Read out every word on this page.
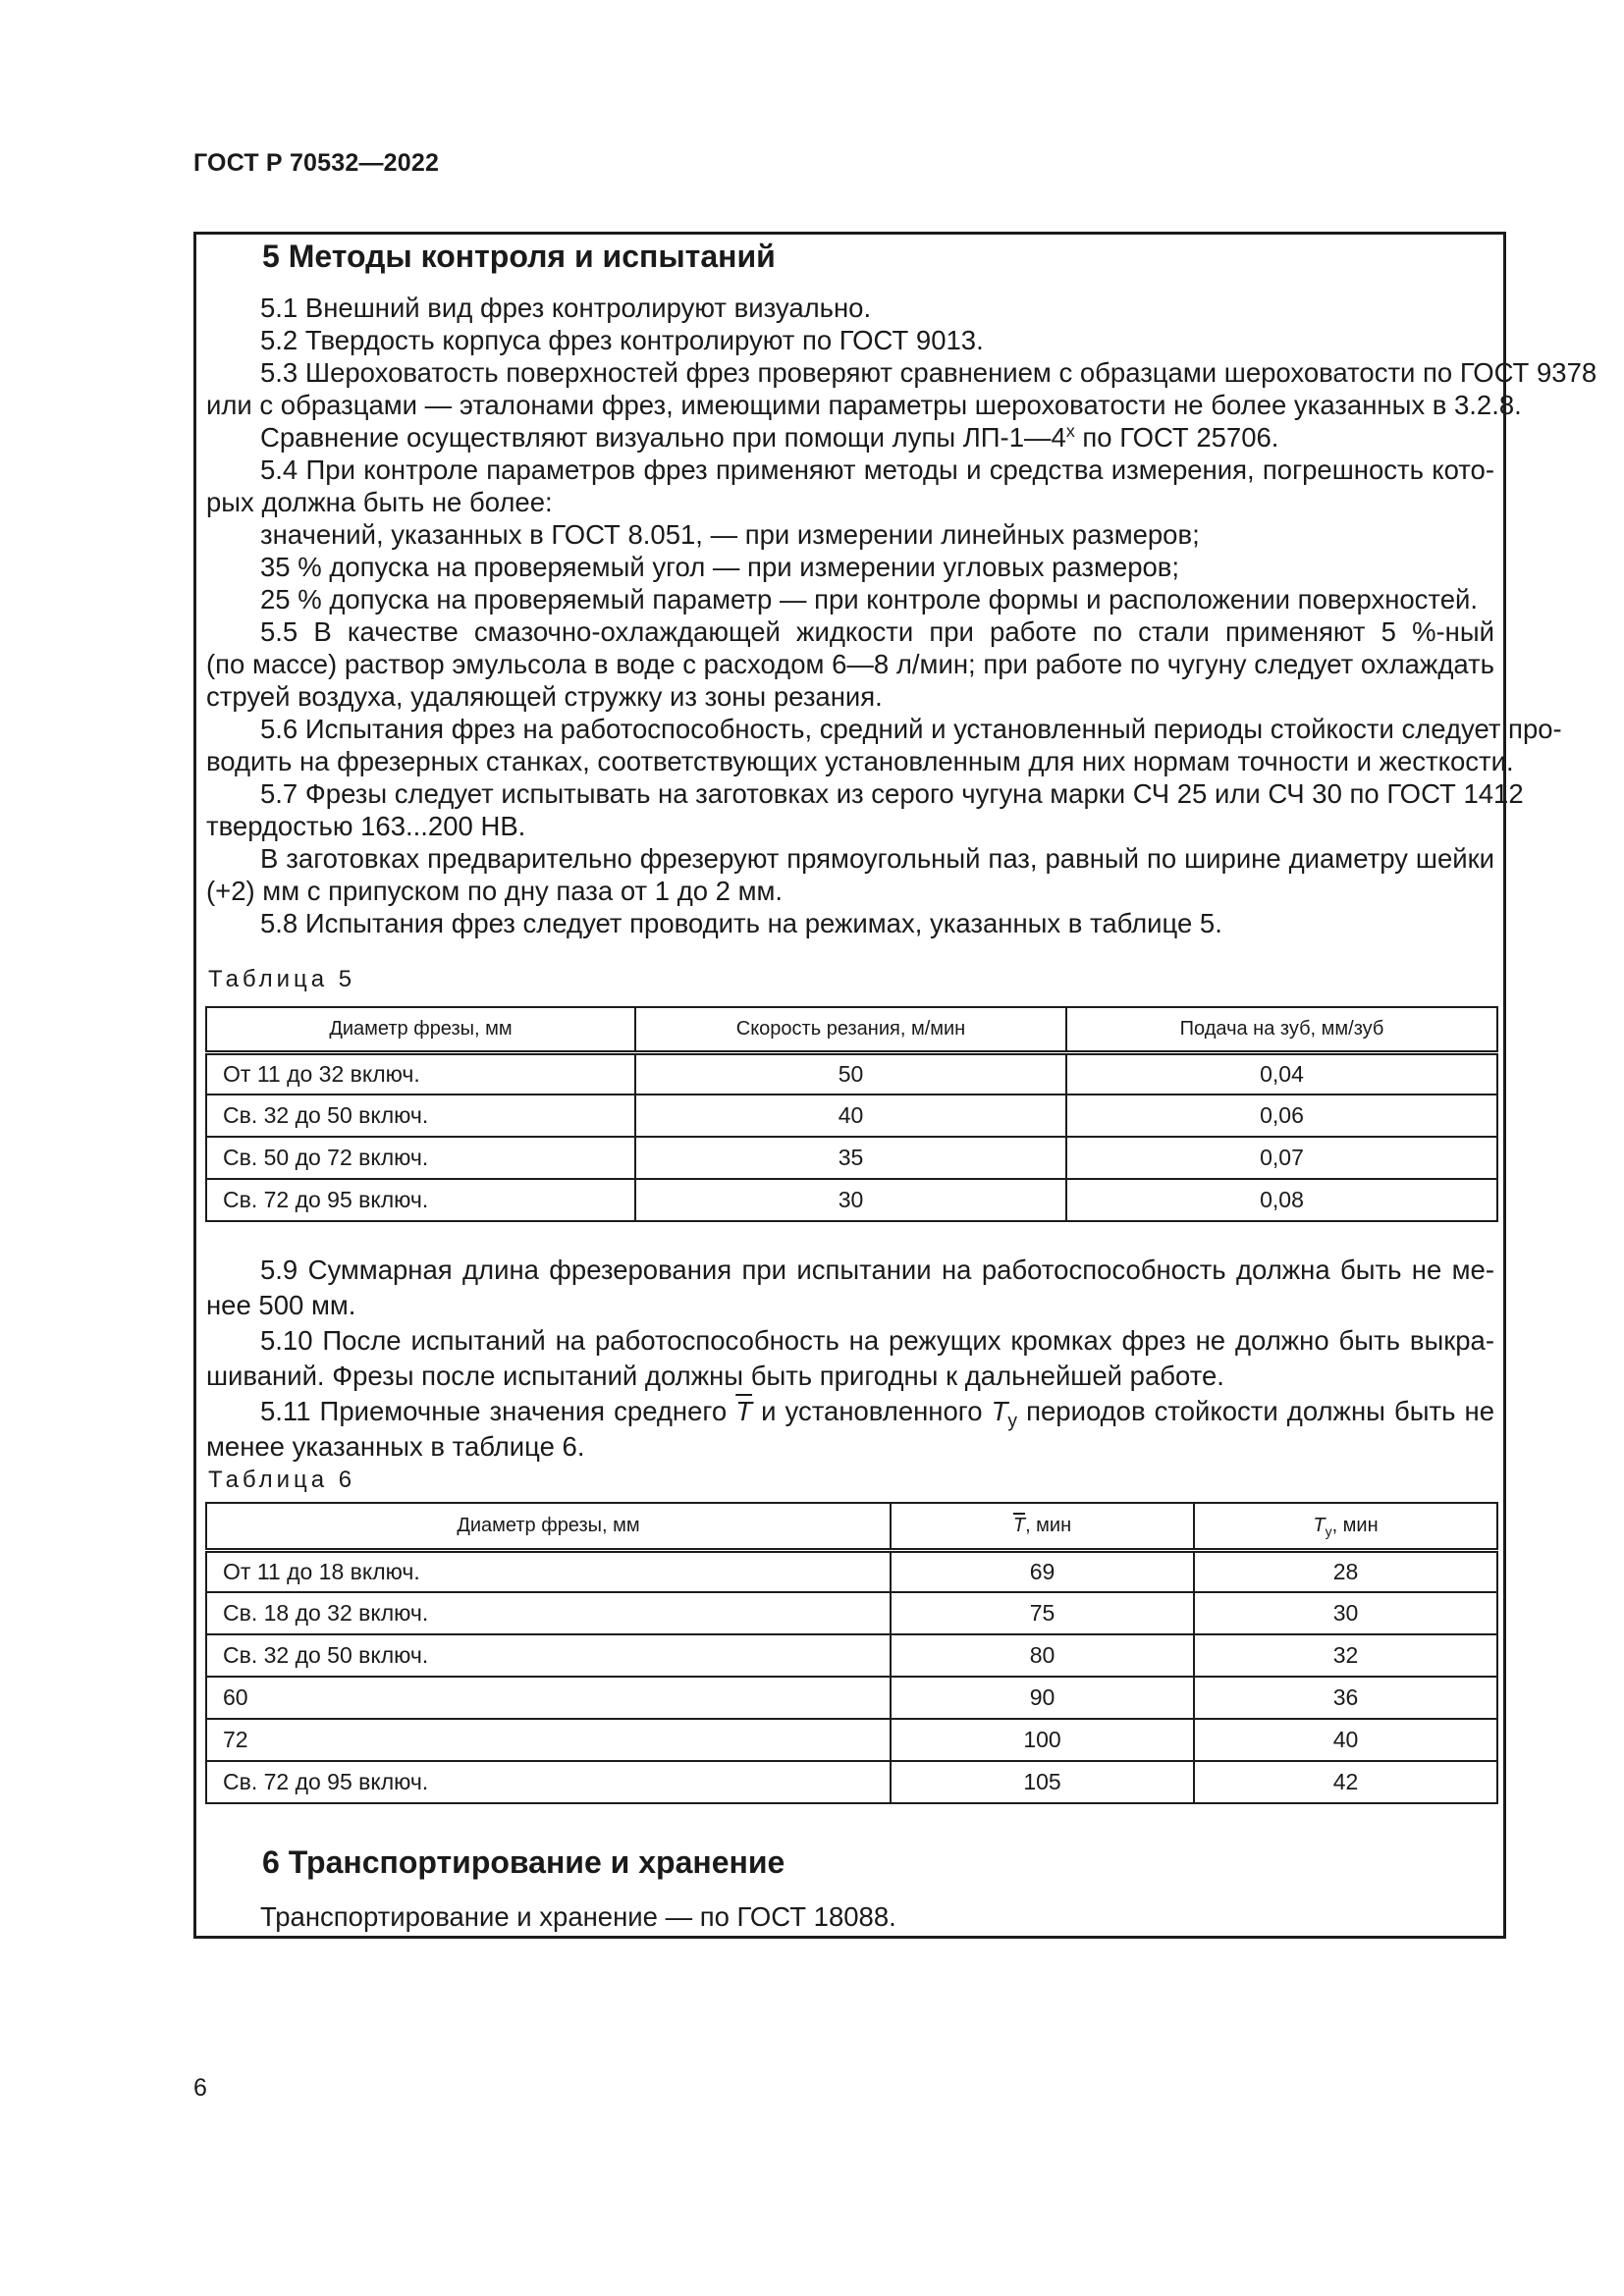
ГОСТ Р 70532—2022
5 Методы контроля и испытаний
5.1 Внешний вид фрез контролируют визуально.
5.2 Твердость корпуса фрез контролируют по ГОСТ 9013.
5.3 Шероховатость поверхностей фрез проверяют сравнением с образцами шероховатости по ГОСТ 9378
или с образцами — эталонами фрез, имеющими параметры шероховатости не более указанных в 3.2.8.
Сравнение осуществляют визуально при помощи лупы $ЛП-1—4^х$ по ГОСТ 25706.
5.4 При контроле параметров фрез применяют методы и средства измерения, погрешность кото-
рых должна быть не более:
значений, указанных в ГОСТ 8.051, — при измерении линейных размеров;
35 % допуска на проверяемый угол — при измерении угловых размеров;
25 % допуска на проверяемый параметр — при контроле формы и расположении поверхностей.
5.5 В качестве смазочно-охлаждающей жидкости при работе по стали применяют 5 %-ный
(по массе) раствор эмульсола в воде с расходом 6—8 л/мин; при работе по чугуну следует охлаждать
струей воздуха, удаляющей стружку из зоны резания.
5.6 Испытания фрез на работоспособность, средний и установленный периоды стойкости следует про-
водить на фрезерных станках, соответствующих установленным для них нормам точности и жесткости.
5.7 Фрезы следует испытывать на заготовках из серого чугуна марки СЧ 25 или СЧ 30 по ГОСТ 1412
твердостью 163...200 НВ.
В заготовках предварительно фрезеруют прямоугольный паз, равный по ширине диаметру шейки
(+2) мм с припуском по дну паза от 1 до 2 мм.
5.8 Испытания фрез следует проводить на режимах, указанных в таблице 5.
Таблица 5
Диаметр фрезы, мм	Скорость резания, м/мин	Подача на зуб, мм/зуб
От 11 до 32 включ.	50	0,04
Св. 32 до 50 включ.	40	0,06
Св. 50 до 72 включ.	35	0,07
Св. 72 до 95 включ.	30	0,08
5.9 Суммарная длина фрезерования при испытании на работоспособность должна быть не ме-
нее 500 мм.
5.10 После испытаний на работоспособность на режущих кромках фрез не должно быть выкра-
шиваний. Фрезы после испытаний должны быть пригодны к дальнейшей работе.
5.11 Приемочные значения среднего $\overline{T}$ и установленного $T_у$ периодов стойкости должны быть не
менее указанных в таблице 6.
Таблица 6
Диаметр фрезы, мм	$\overline{T}$, мин	$T_у$, мин
От 11 до 18 включ.	69	28
Св. 18 до 32 включ.	75	30
Св. 32 до 50 включ.	80	32
60	90	36
72	100	40
Св. 72 до 95 включ.	105	42
6 Транспортирование и хранение
Транспортирование и хранение — по ГОСТ 18088.
6
